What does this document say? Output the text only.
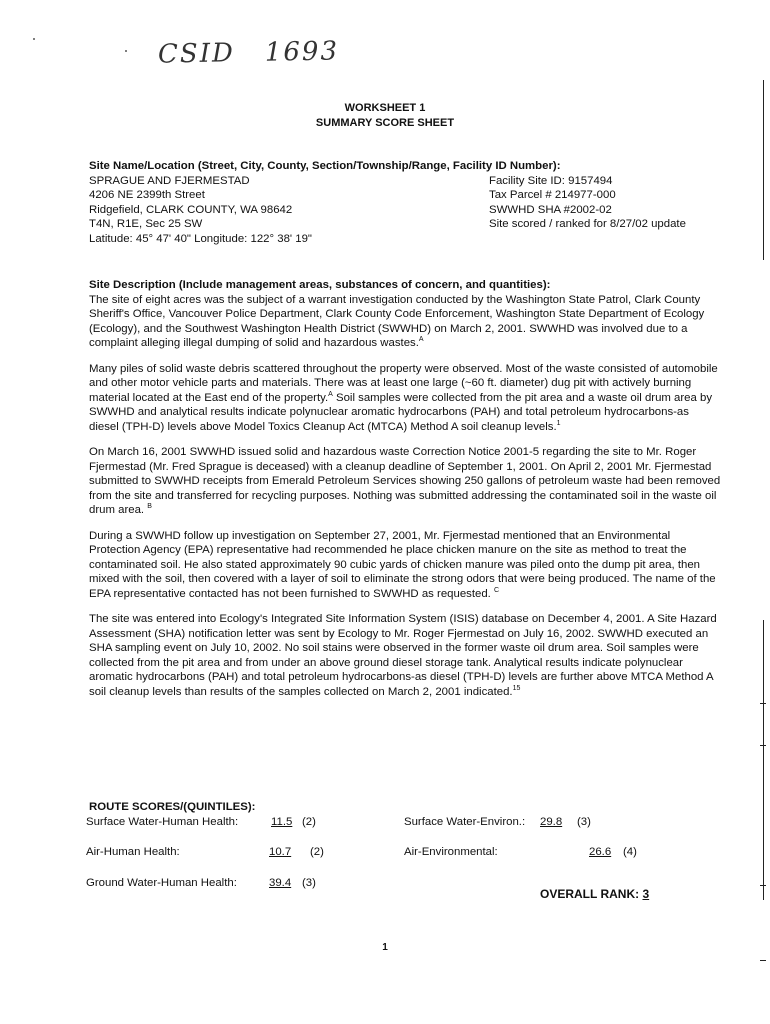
CSID 1693
WORKSHEET 1
SUMMARY SCORE SHEET

Site Name/Location (Street, City, County, Section/Township/Range, Facility ID Number):

SPRAGUE AND FJERMESTAD
4206 NE 2399th Street
Ridgefield, CLARK COUNTY, WA 98642
T4N, R1E, Sec 25 SW
Latitude: 45° 47' 40" Longitude: 122° 38' 19"
Facility Site ID: 9157494
Tax Parcel # 214977-000
SWWHD SHA #2002-02
Site scored / ranked for 8/27/02 update

Site Description (Include management areas, substances of concern, and quantities):

The site of eight acres was the subject of a warrant investigation conducted by the Washington State Patrol, Clark County Sheriff's Office, Vancouver Police Department, Clark County Code Enforcement, Washington State Department of Ecology (Ecology), and the Southwest Washington Health District (SWWHD) on March 2, 2001. SWWHD was involved due to a complaint alleging illegal dumping of solid and hazardous wastes.$^A$

Many piles of solid waste debris scattered throughout the property were observed. Most of the waste consisted of automobile and other motor vehicle parts and materials. There was at least one large (~60 ft. diameter) dug pit with actively burning material located at the East end of the property.$^A$ Soil samples were collected from the pit area and a waste oil drum area by SWWHD and analytical results indicate polynuclear aromatic hydrocarbons (PAH) and total petroleum hydrocarbons-as diesel (TPH-D) levels above Model Toxics Cleanup Act (MTCA) Method A soil cleanup levels.$^1$

On March 16, 2001 SWWHD issued solid and hazardous waste Correction Notice 2001-5 regarding the site to Mr. Roger Fjermestad (Mr. Fred Sprague is deceased) with a cleanup deadline of September 1, 2001. On April 2, 2001 Mr. Fjermestad submitted to SWWHD receipts from Emerald Petroleum Services showing 250 gallons of petroleum waste had been removed from the site and transferred for recycling purposes. Nothing was submitted addressing the contaminated soil in the waste oil drum area. $^B$

During a SWWHD follow up investigation on September 27, 2001, Mr. Fjermestad mentioned that an Environmental Protection Agency (EPA) representative had recommended he place chicken manure on the site as method to treat the contaminated soil. He also stated approximately 90 cubic yards of chicken manure was piled onto the dump pit area, then mixed with the soil, then covered with a layer of soil to eliminate the strong odors that were being produced. The name of the EPA representative contacted has not been furnished to SWWHD as requested. $^C$

The site was entered into Ecology's Integrated Site Information System (ISIS) database on December 4, 2001. A Site Hazard Assessment (SHA) notification letter was sent by Ecology to Mr. Roger Fjermestad on July 16, 2002. SWWHD executed an SHA sampling event on July 10, 2002. No soil stains were observed in the former waste oil drum area. Soil samples were collected from the pit area and from under an above ground diesel storage tank. Analytical results indicate polynuclear aromatic hydrocarbons (PAH) and total petroleum hydrocarbons-as diesel (TPH-D) levels are further above MTCA Method A soil cleanup levels than results of the samples collected on March 2, 2001 indicated.$^{15}$

ROUTE SCORES/(QUINTILES):
Surface Water-Human Health:	11.5 (2)	Surface Water-Environ.: 29.8 (3)
Air-Human Health:	10.7 (2)	Air-Environmental:	26.6 (4)
Ground Water-Human Health:	39.4 (3)
OVERALL RANK: 3
1
